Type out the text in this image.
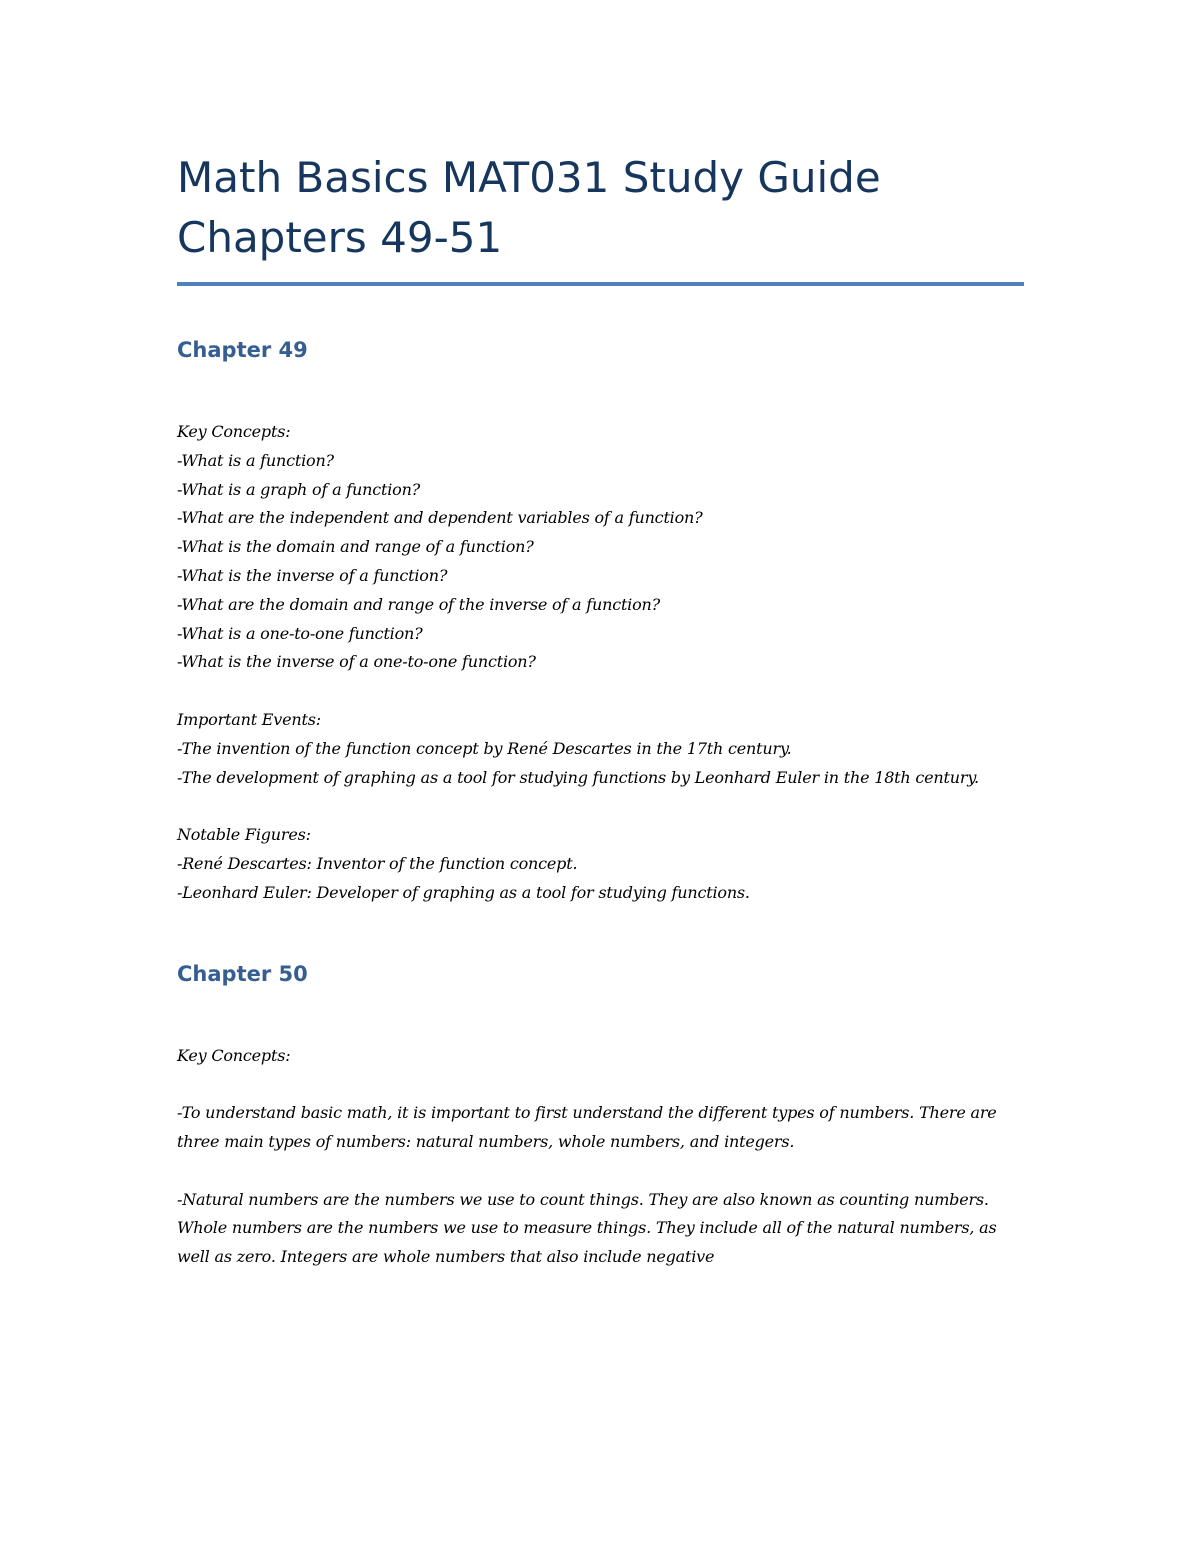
Math Basics MAT031 Study Guide
Chapters 49-51
Chapter 49

Key Concepts:

-What is a function?
-What is a graph of a function?
-What are the independent and dependent variables of a function?
-What is the domain and range of a function?
-What is the inverse of a function?
-What are the domain and range of the inverse of a function?
-What is a one-to-one function?
-What is the inverse of a one-to-one function?

Important Events:

-The invention of the function concept by René Descartes in the 17th century.
-The development of graphing as a tool for studying functions by Leonhard Euler in the 18th century.

Notable Figures:

-René Descartes: Inventor of the function concept.
-Leonhard Euler: Developer of graphing as a tool for studying functions.
Chapter 50

Key Concepts:

-To understand basic math, it is important to first understand the different types of numbers. There are three main types of numbers: natural numbers, whole numbers, and integers.

-Natural numbers are the numbers we use to count things. They are also known as counting numbers. Whole numbers are the numbers we use to measure things. They include all of the natural numbers, as well as zero. Integers are whole numbers that also include negative
